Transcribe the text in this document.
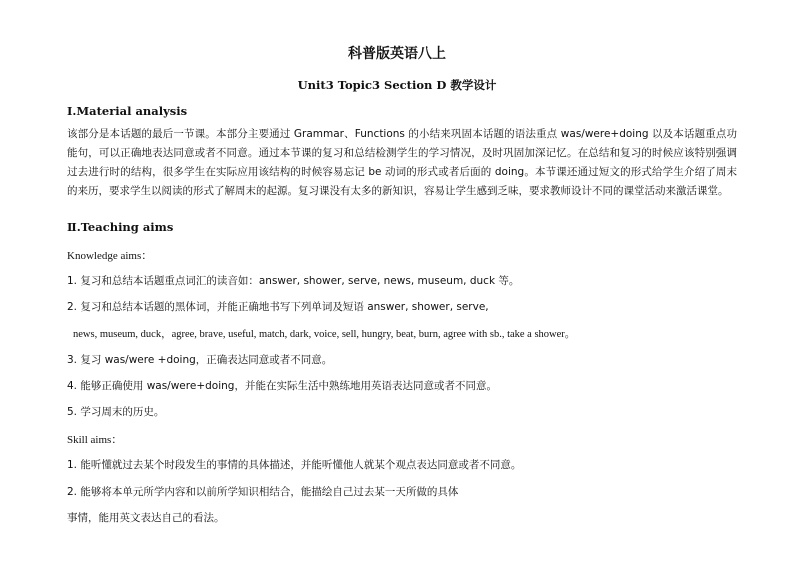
科普版英语八上
Unit3 Topic3 Section D 教学设计
Ⅰ.Material analysis
该部分是本话题的最后一节课。本部分主要通过 Grammar、Functions 的小结来巩固本话题的语法重点 was/were+doing 以及本话题重点功能句，可以正确地表达同意或者不同意。通过本节课的复习和总结检测学生的学习情况，及时巩固加深记忆。在总结和复习的时候应该特别强调过去进行时的结构，很多学生在实际应用该结构的时候容易忘记 be 动词的形式或者后面的 doing。本节课还通过短文的形式给学生介绍了周末的来历，要求学生以阅读的形式了解周末的起源。复习课没有太多的新知识，容易让学生感到乏味，要求教师设计不同的课堂活动来激活课堂。
Ⅱ.Teaching aims
Knowledge aims：
1. 复习和总结本话题重点词汇的读音如：answer, shower, serve, news, museum, duck 等。
2. 复习和总结本话题的黑体词，并能正确地书写下列单词及短语 answer, shower, serve,
news, museum, duck，agree, brave, useful, match, dark, voice, sell, hungry, beat, burn, agree with sb., take a shower。
3. 复习 was/were +doing，正确表达同意或者不同意。
4. 能够正确使用 was/were+doing，并能在实际生活中熟练地用英语表达同意或者不同意。
5. 学习周末的历史。
Skill aims：
1. 能听懂就过去某个时段发生的事情的具体描述，并能听懂他人就某个观点表达同意或者不同意。
2. 能够将本单元所学内容和以前所学知识相结合，能描绘自己过去某一天所做的具体
事情，能用英文表达自己的看法。
